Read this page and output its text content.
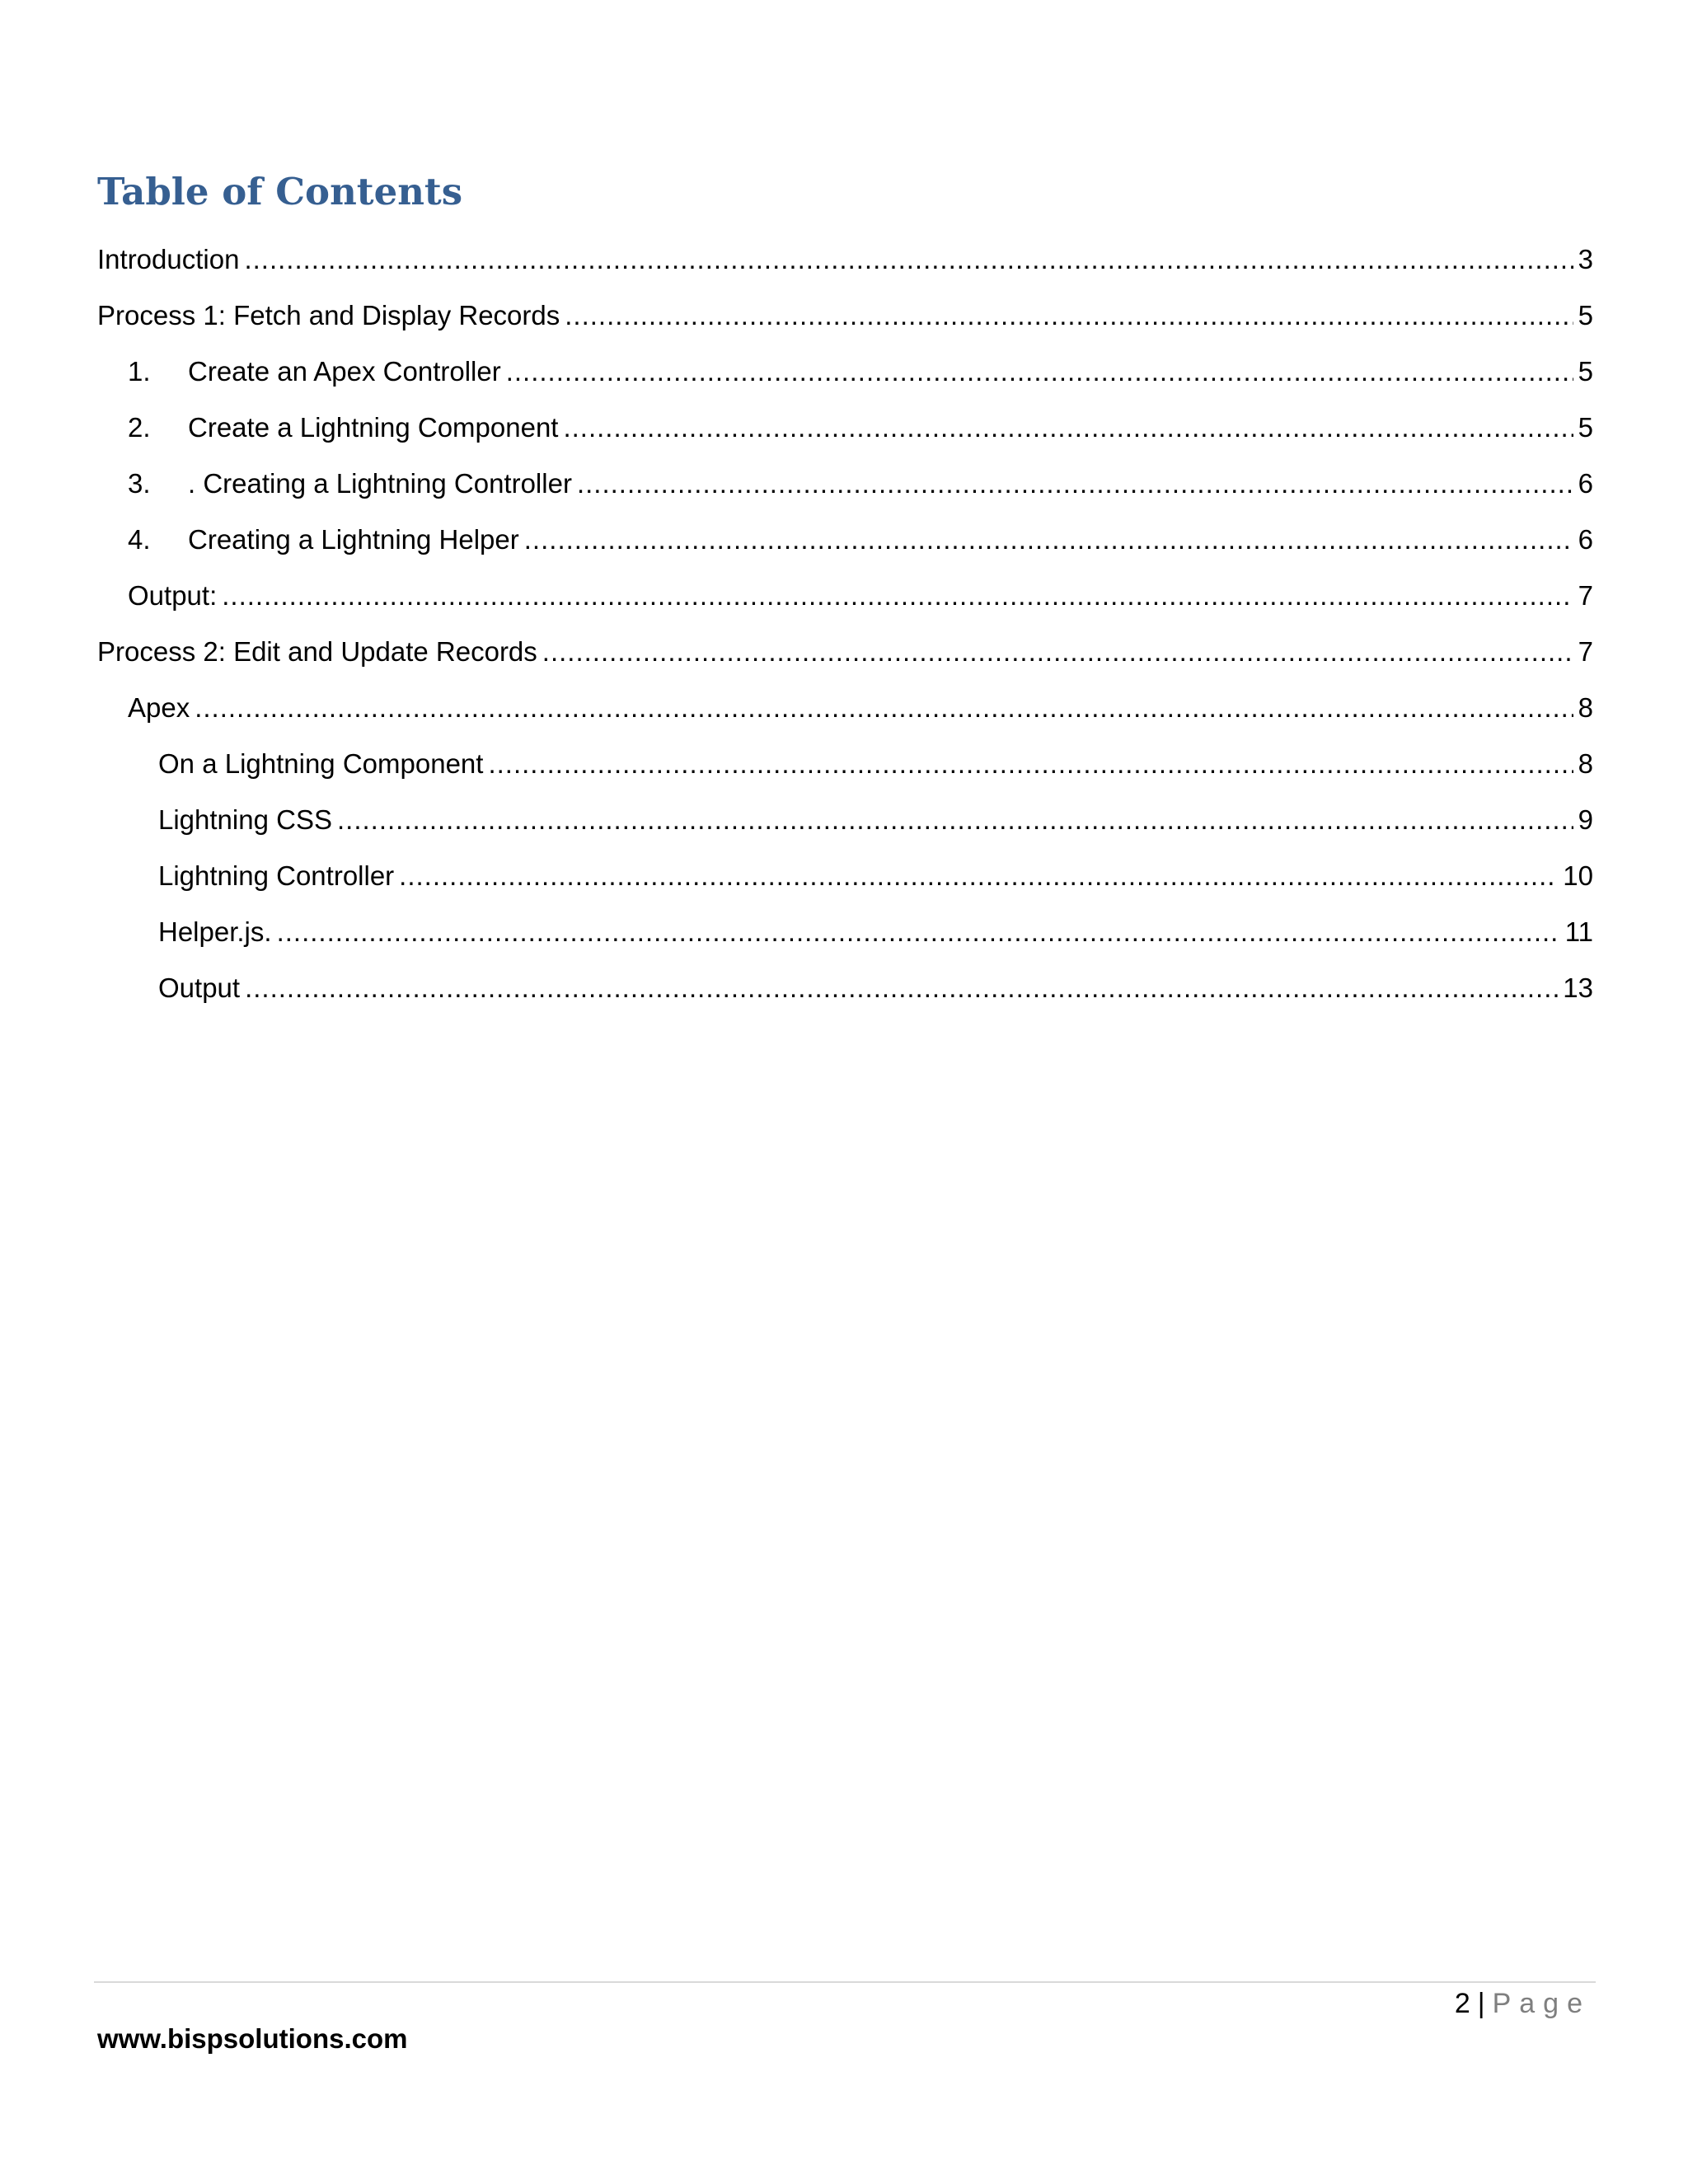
Table of Contents
Introduction .....	3
Process 1: Fetch and Display Records .....	5
1.	Create an Apex Controller .....	5
2.	Create a Lightning Component .....	5
3.	. Creating a Lightning Controller .....	6
4.	Creating a Lightning Helper .....	6
Output: .....	7
Process 2: Edit and Update Records .....	7
Apex .....	8
On a Lightning Component .....	8
Lightning CSS .....	9
Lightning Controller .....	10
Helper.js. .....	11
Output .....	13
2 | Page
www.bispsolutions.com
